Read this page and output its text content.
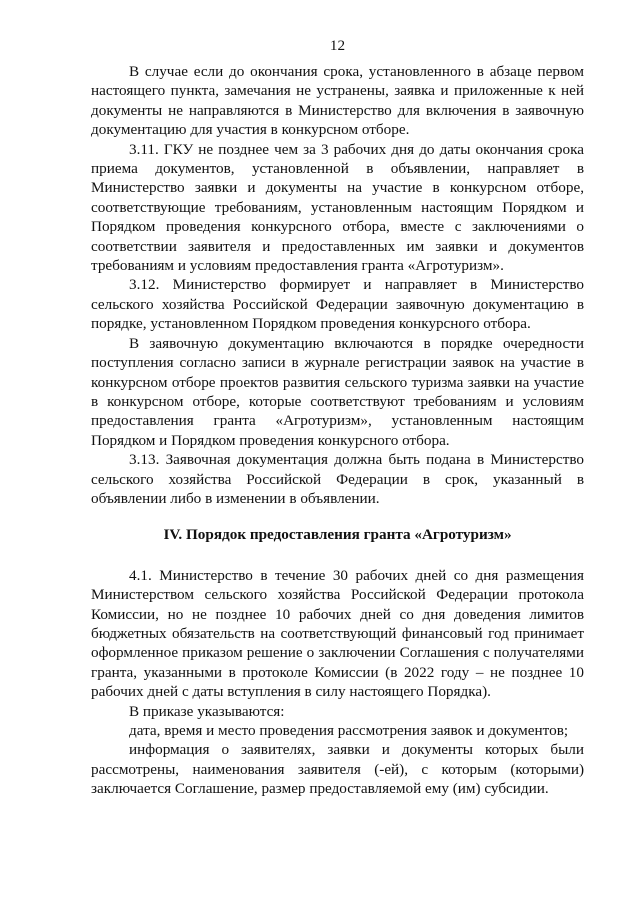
12

В случае если до окончания срока, установленного в абзаце первом настоящего пункта, замечания не устранены, заявка и приложенные к ней документы не направляются в Министерство для включения в заявочную документацию для участия в конкурсном отборе.

3.11. ГКУ не позднее чем за 3 рабочих дня до даты окончания срока приема документов, установленной в объявлении, направляет в Министерство заявки и документы на участие в конкурсном отборе, соответствующие требованиям, установленным настоящим Порядком и Порядком проведения конкурсного отбора, вместе с заключениями о соответствии заявителя и предоставленных им заявки и документов требованиям и условиям предоставления гранта «Агротуризм».

3.12. Министерство формирует и направляет в Министерство сельского хозяйства Российской Федерации заявочную документацию в порядке, установленном Порядком проведения конкурсного отбора.

В заявочную документацию включаются в порядке очередности поступления согласно записи в журнале регистрации заявок на участие в конкурсном отборе проектов развития сельского туризма заявки на участие в конкурсном отборе, которые соответствуют требованиям и условиям предоставления гранта «Агротуризм», установленным настоящим Порядком и Порядком проведения конкурсного отбора.

3.13. Заявочная документация должна быть подана в Министерство сельского хозяйства Российской Федерации в срок, указанный в объявлении либо в изменении в объявлении.

IV. Порядок предоставления гранта «Агротуризм»

4.1. Министерство в течение 30 рабочих дней со дня размещения Министерством сельского хозяйства Российской Федерации протокола Комиссии, но не позднее 10 рабочих дней со дня доведения лимитов бюджетных обязательств на соответствующий финансовый год принимает оформленное приказом решение о заключении Соглашения с получателями гранта, указанными в протоколе Комиссии (в 2022 году – не позднее 10 рабочих дней с даты вступления в силу настоящего Порядка).

В приказе указываются:

дата, время и место проведения рассмотрения заявок и документов;

информация о заявителях, заявки и документы которых были рассмотрены, наименования заявителя (-ей), с которым (которыми) заключается Соглашение, размер предоставляемой ему (им) субсидии.
